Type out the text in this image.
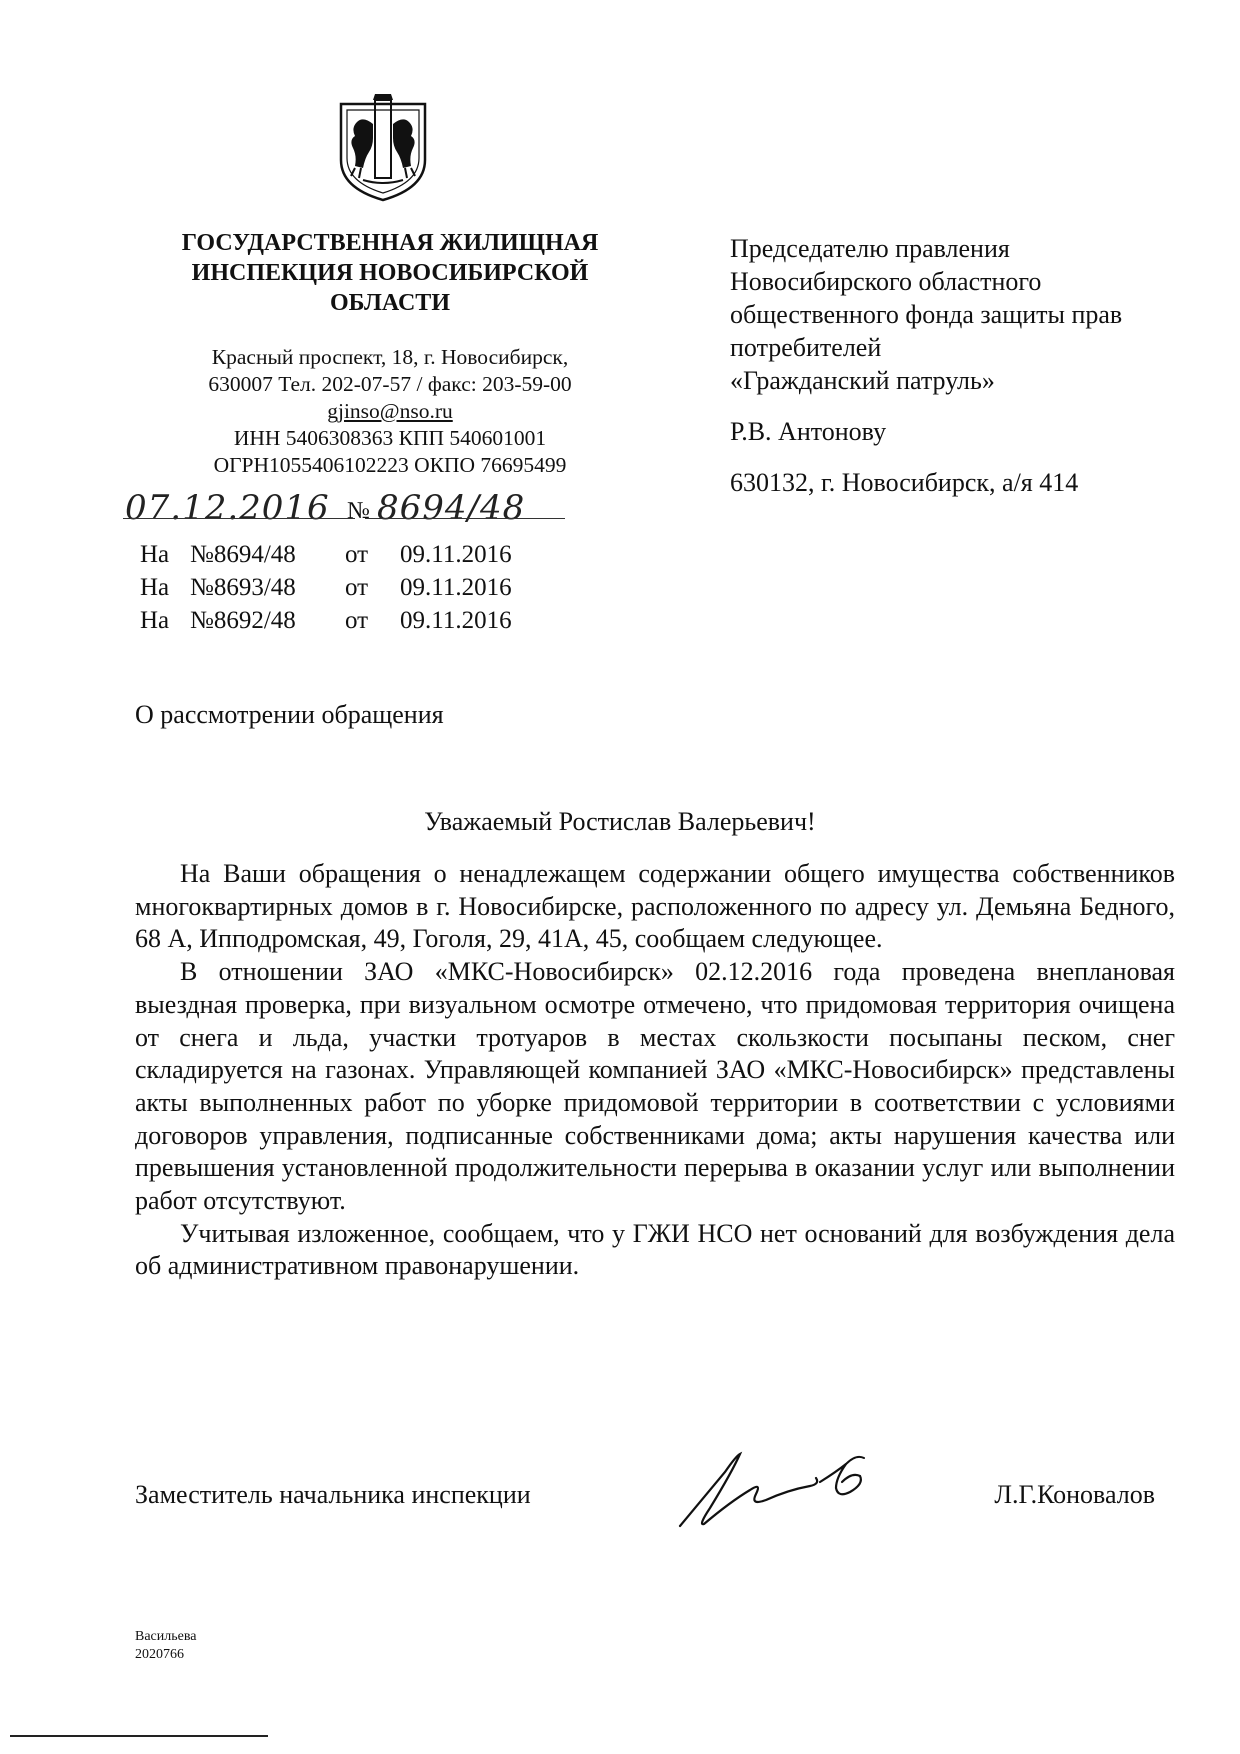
ГОСУДАРСТВЕННАЯ ЖИЛИЩНАЯ
ИНСПЕКЦИЯ НОВОСИБИРСКОЙ
ОБЛАСТИ
Красный проспект, 18, г. Новосибирск,
630007 Тел. 202-07-57 / факс: 203-59-00
gjinso@nso.ru
ИНН 5406308363 КПП 540601001
ОГРН1055406102223 ОКПО 76695499
07.12.2016 № 8694/48
На №8694/48	от	09.11.2016
На №8693/48	от	09.11.2016
На №8692/48	от	09.11.2016
Председателю правления
Новосибирского областного
общественного фонда защиты прав
потребителей
«Гражданский патруль»
Р.В. Антонову
630132, г. Новосибирск, а/я 414
О рассмотрении обращения
Уважаемый Ростислав Валерьевич!

На Ваши обращения о ненадлежащем содержании общего имущества собственников многоквартирных домов в г. Новосибирске, расположенного по адресу ул. Демьяна Бедного, 68 А, Ипподромская, 49, Гоголя, 29, 41А, 45, сообщаем следующее.

В отношении ЗАО «МКС-Новосибирск» 02.12.2016 года проведена внеплановая выездная проверка, при визуальном осмотре отмечено, что придомовая территория очищена от снега и льда, участки тротуаров в местах скользкости посыпаны песком, снег складируется на газонах. Управляющей компанией ЗАО «МКС-Новосибирск» представлены акты выполненных работ по уборке придомовой территории в соответствии с условиями договоров управления, подписанные собственниками дома; акты нарушения качества или превышения установленной продолжительности перерыва в оказании услуг или выполнении работ отсутствуют.

Учитывая изложенное, сообщаем, что у ГЖИ НСО нет оснований для возбуждения дела об административном правонарушении.

Заместитель начальника инспекции	Л.Г.Коновалов
Васильева
2020766
